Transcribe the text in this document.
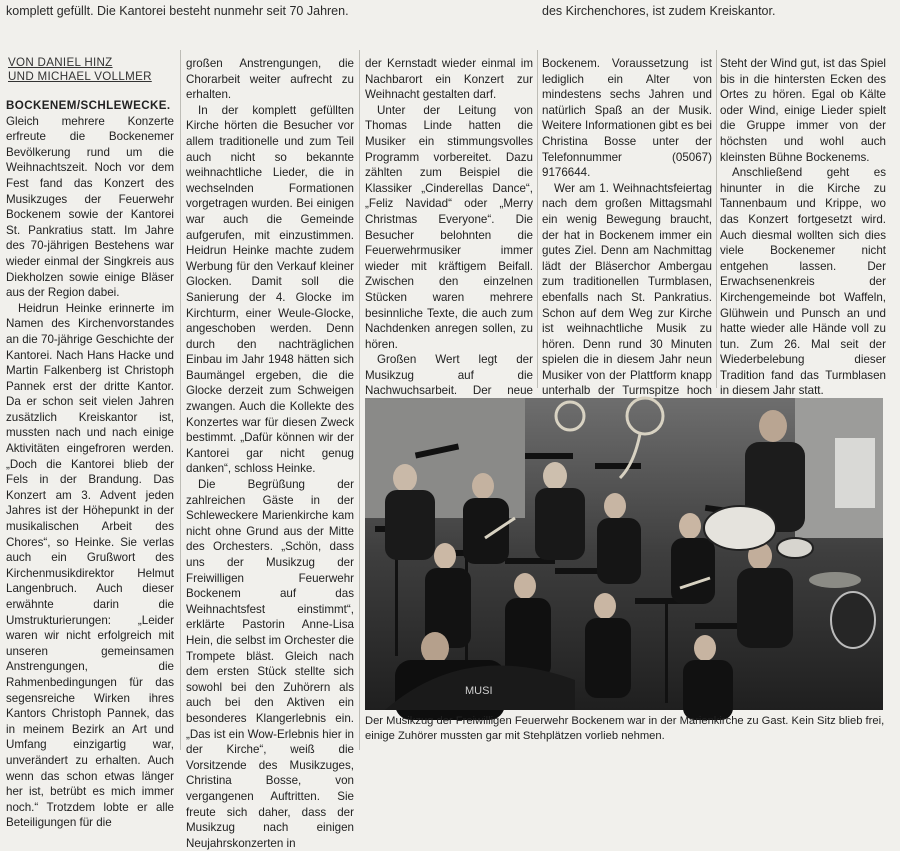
komplett gefüllt. Die Kantorei besteht nunmehr seit 70 Jahren.	des Kirchenchores, ist zudem Kreiskantor.
VON DANIEL HINZ
UND MICHAEL VOLLMER

BOCKENEM/SCHLEWECKE. Gleich mehrere Konzerte erfreute die Bockenemer Bevölkerung rund um die Weihnachtszeit. Noch vor dem Fest fand das Konzert des Musikzuges der Feuerwehr Bockenem sowie der Kantorei St. Pankratius statt. Im Jahre des 70-jährigen Bestehens war wieder einmal der Singkreis aus Diekholzen sowie einige Bläser aus der Region dabei.

Heidrun Heinke erinnerte im Namen des Kirchenvorstandes an die 70-jährige Geschichte der Kantorei. Nach Hans Hacke und Martin Falkenberg ist Christoph Pannek erst der dritte Kantor. Da er schon seit vielen Jahren zusätzlich Kreiskantor ist, mussten nach und nach einige Aktivitäten eingefroren werden. „Doch die Kantorei blieb der Fels in der Brandung. Das Konzert am 3. Advent jeden Jahres ist der Höhepunkt in der musikalischen Arbeit des Chores“, so Heinke. Sie verlas auch ein Grußwort des Kirchenmusikdirektor Helmut Langenbruch. Auch dieser erwähnte darin die Umstrukturierungen: „Leider waren wir nicht erfolgreich mit unseren gemeinsamen Anstrengungen, die Rahmenbedingungen für das segensreiche Wirken ihres Kantors Christoph Pannek, das in meinem Bezirk an Art und Umfang einzigartig war, unverändert zu erhalten. Auch wenn das schon etwas länger her ist, betrübt es mich immer noch.“ Trotzdem lobte er alle Beteiligungen für die

großen Anstrengungen, die Chorarbeit weiter aufrecht zu erhalten.

In der komplett gefüllten Kirche hörten die Besucher vor allem traditionelle und zum Teil auch nicht so bekannte weihnachtliche Lieder, die in wechselnden Formationen vorgetragen wurden. Bei einigen war auch die Gemeinde aufgerufen, mit einzustimmen. Heidrun Heinke machte zudem Werbung für den Verkauf kleiner Glocken. Damit soll die Sanierung der 4. Glocke im Kirchturm, einer Weule-Glocke, angeschoben werden. Denn durch den nachträglichen Einbau im Jahr 1948 hätten sich Baumängel ergeben, die die Glocke derzeit zum Schweigen zwangen. Auch die Kollekte des Konzertes war für diesen Zweck bestimmt. „Dafür können wir der Kantorei gar nicht genug danken“, schloss Heinke.

Die Begrüßung der zahlreichen Gäste in der Schleweckere Marienkirche kam nicht ohne Grund aus der Mitte des Orchesters. „Schön, dass uns der Musikzug der Freiwilligen Feuerwehr Bockenem auf das Weihnachtsfest einstimmt“, erklärte Pastorin Anne-Lisa Hein, die selbst im Orchester die Trompete bläst. Gleich nach dem ersten Stück stellte sich sowohl bei den Zuhörern als auch bei den Aktiven ein besonderes Klangerlebnis ein. „Das ist ein Wow-Erlebnis hier in der Kirche“, weiß die Vorsitzende des Musikzuges, Christina Bosse, von vergangenen Auftritten. Sie freute sich daher, dass der Musikzug nach einigen Neujahrskonzerten in

der Kernstadt wieder einmal im Nachbarort ein Konzert zur Weihnacht gestalten darf.

Unter der Leitung von Thomas Linde hatten die Musiker ein stimmungsvolles Programm vorbereitet. Dazu zählten zum Beispiel die Klassiker „Cinderellas Dance“, „Feliz Navidad“ oder „Merry Christmas Everyone“. Die Besucher belohnten die Feuerwehrmusiker immer wieder mit kräftigem Beifall. Zwischen den einzelnen Stücken waren mehrere besinnliche Texte, die auch zum Nachdenken anregen sollen, zu hören.

Großen Wert legt der Musikzug auf die Nachwuchsarbeit. Der neue

Bockenem. Voraussetzung ist lediglich ein Alter von mindestens sechs Jahren und natürlich Spaß an der Musik. Weitere Informationen gibt es bei Christina Bosse unter der Telefonnummer (05067) 9176644.

Wer am 1. Weihnachtsfeiertag nach dem großen Mittagsmahl ein wenig Bewegung braucht, der hat in Bockenem immer ein gutes Ziel. Denn am Nachmittag lädt der Bläserchor Ambergau zum traditionellen Turmblasen, ebenfalls nach St. Pankratius. Schon auf dem Weg zur Kirche ist weihnachtliche Musik zu hören. Denn rund 30 Minuten spielen die in diesem Jahr neun Musiker von der Plattform knapp unterhalb der Turmspitze hoch

Steht der Wind gut, ist das Spiel bis in die hintersten Ecken des Ortes zu hören. Egal ob Kälte oder Wind, einige Lieder spielt die Gruppe immer von der höchsten und wohl auch kleinsten Bühne Bockenems.

Anschließend geht es hinunter in die Kirche zu Tannenbaum und Krippe, wo das Konzert fortgesetzt wird. Auch diesmal wollten sich dies viele Bockenemer nicht entgehen lassen. Der Erwachsenenkreis der Kirchengemeinde bot Waffeln, Glühwein und Punsch an und hatte wieder alle Hände voll zu tun. Zum 26. Mal seit der Wiederbelebung dieser Tradition fand das Turmblasen in diesem Jahr statt.

MUSI
Der Musikzug der Freiwilligen Feuerwehr Bockenem war in der Marienkirche zu Gast. Kein Sitz blieb frei, einige Zuhörer mussten gar mit Stehplätzen vorlieb nehmen.
